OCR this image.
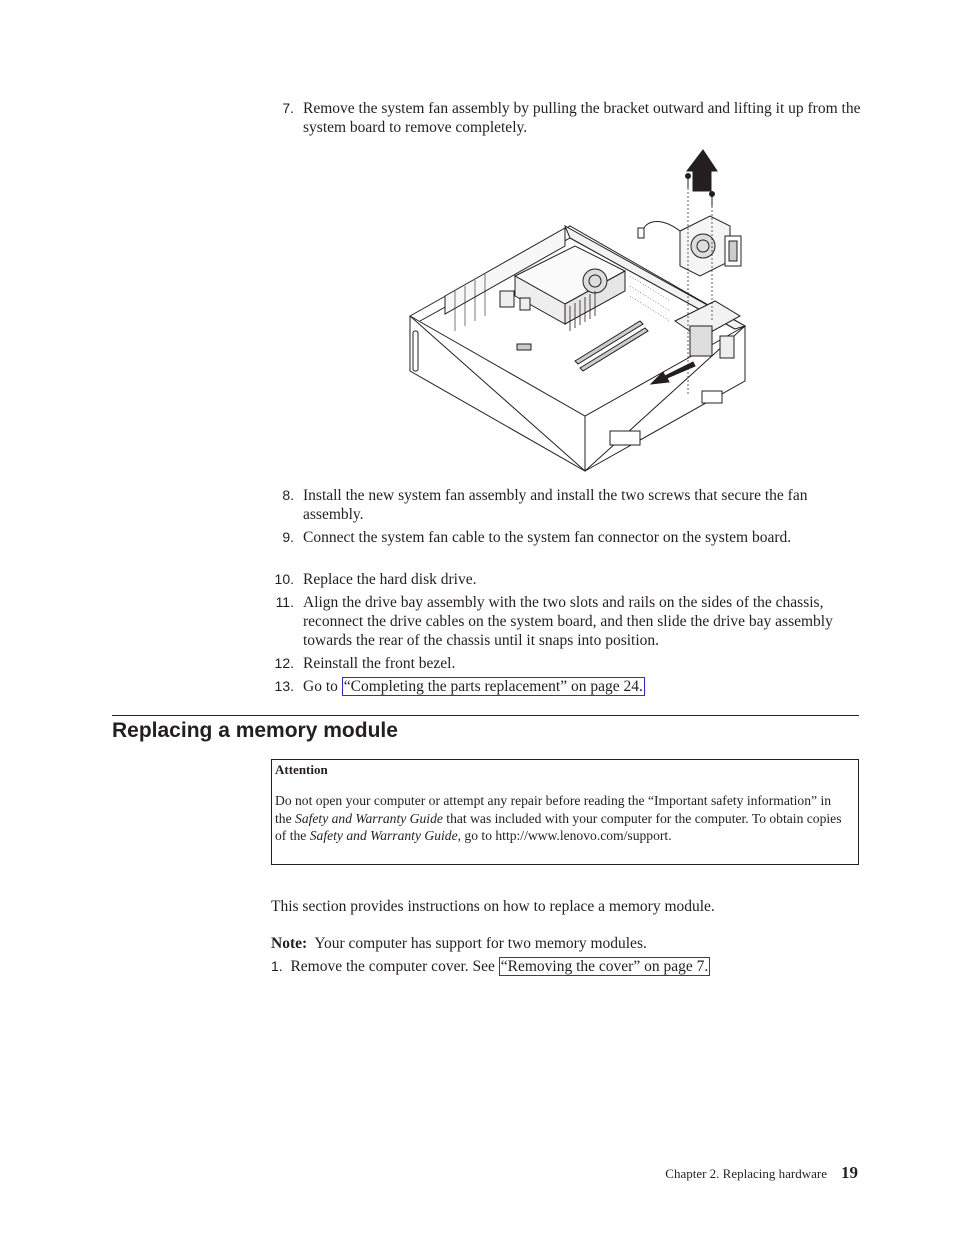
7. Remove the system fan assembly by pulling the bracket outward and lifting it up from the system board to remove completely.
8. Install the new system fan assembly and install the two screws that secure the fan assembly.
9. Connect the system fan cable to the system fan connector on the system board.
10. Replace the hard disk drive.
11. Align the drive bay assembly with the two slots and rails on the sides of the chassis, reconnect the drive cables on the system board, and then slide the drive bay assembly towards the rear of the chassis until it snaps into position.
12. Reinstall the front bezel.
13. Go to “Completing the parts replacement” on page 24.
Replacing a memory module
Attention
Do not open your computer or attempt any repair before reading the “Important safety information” in the Safety and Warranty Guide that was included with your computer for the computer. To obtain copies of the Safety and Warranty Guide, go to http://www.lenovo.com/support.
This section provides instructions on how to replace a memory module.
Note: Your computer has support for two memory modules.
1. Remove the computer cover. See “Removing the cover” on page 7.
Chapter 2. Replacing hardware 19
